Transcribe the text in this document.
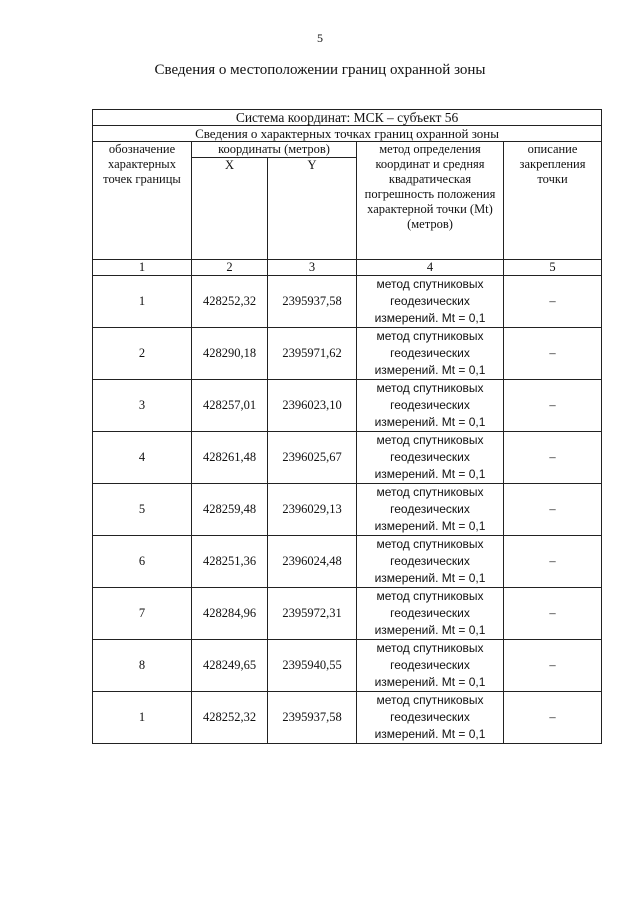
5
Сведения о местоположении границ охранной зоны
Система координат: МСК – субъект 56				
Сведения о характерных точках границ охранной зоны				
обозначение характерных точек границы	координаты (метров)		метод определения координат и средняя квадратическая погрешность положения характерной точки (Mt) (метров)	описание закрепления точки
	X	Y		
1	2	3	4	5
1	428252,32	2395937,58	метод спутниковых геодезических измерений. Mt = 0,1	–
2	428290,18	2395971,62	метод спутниковых геодезических измерений. Mt = 0,1	–
3	428257,01	2396023,10	метод спутниковых геодезических измерений. Mt = 0,1	–
4	428261,48	2396025,67	метод спутниковых геодезических измерений. Mt = 0,1	–
5	428259,48	2396029,13	метод спутниковых геодезических измерений. Mt = 0,1	–
6	428251,36	2396024,48	метод спутниковых геодезических измерений. Mt = 0,1	–
7	428284,96	2395972,31	метод спутниковых геодезических измерений. Mt = 0,1	–
8	428249,65	2395940,55	метод спутниковых геодезических измерений. Mt = 0,1	–
1	428252,32	2395937,58	метод спутниковых геодезических измерений. Mt = 0,1	–
